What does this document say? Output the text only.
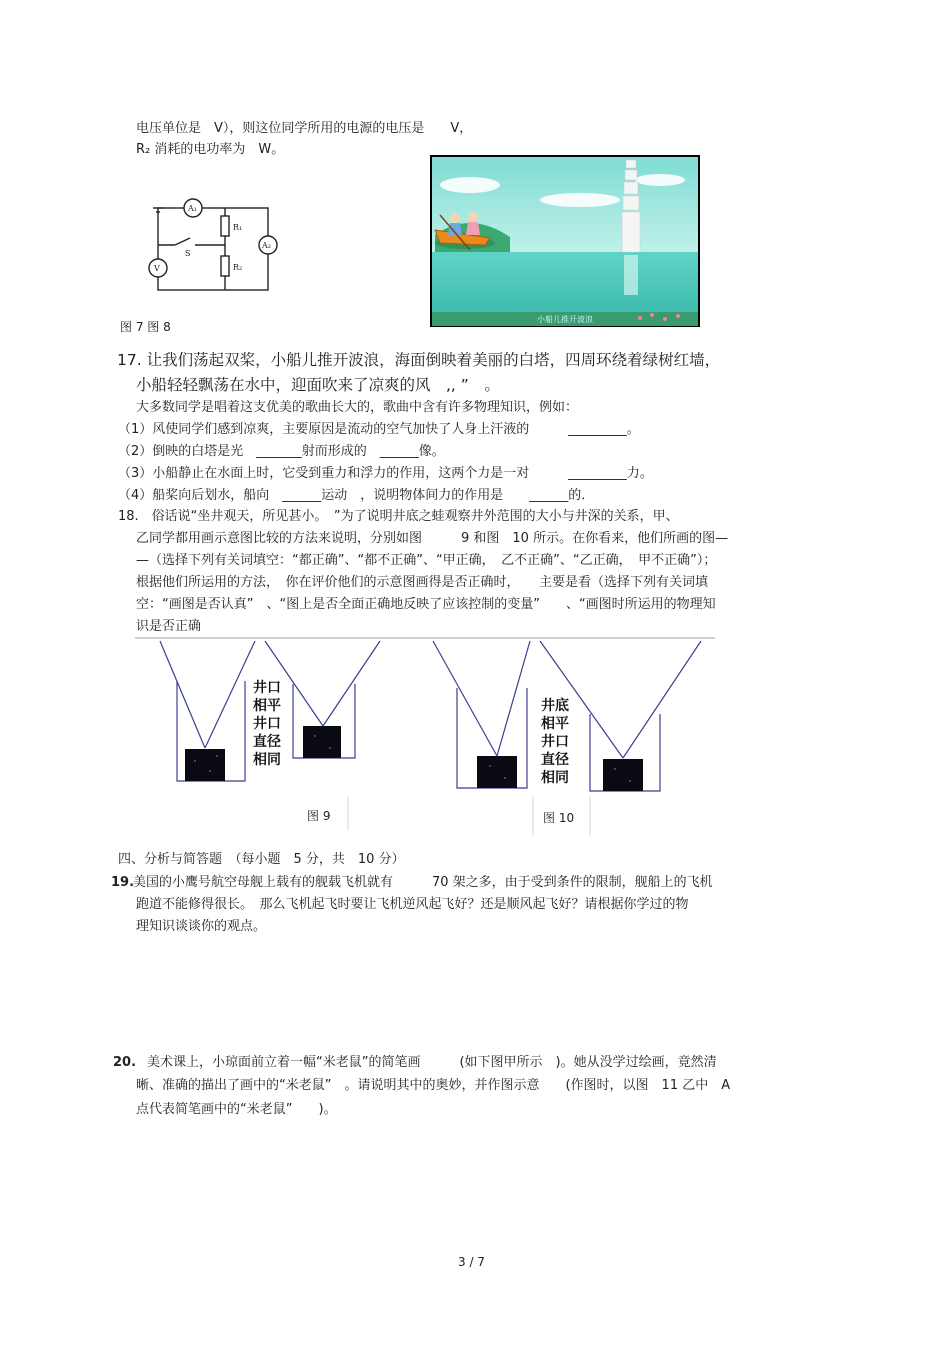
电压单位是　V），则这位同学所用的电源的电压是　　V，
R₂ 消耗的电功率为　W。
A₁
R₁
A₂
V
S
R₂
图 7 图 8
小船儿推开波浪
17. 让我们荡起双桨，小船儿推开波浪，海面倒映着美丽的白塔，四周环绕着绿树红墙，
小船轻轻飘荡在水中，迎面吹来了凉爽的风　,, ”　。
大多数同学是唱着这支优美的歌曲长大的，歌曲中含有许多物理知识，例如：
（1）风使同学们感到凉爽，主要原因是流动的空气加快了人身上汗液的　　　_________。
（2）倒映的白塔是光　_______射而形成的　______像。
（3）小船静止在水面上时，它受到重力和浮力的作用，这两个力是一对　　　_________力。
（4）船桨向后划水，船向　______运动　，说明物体间力的作用是　　______的．
18.　俗话说“坐井观天，所见甚小。　”为了说明井底之蛙观察井外范围的大小与井深的关系，甲、
乙同学都用画示意图比较的方法来说明，分别如图　　　9 和图　10 所示。在你看来，他们所画的图—
—（选择下列有关词填空：“都正确”、“都不正确”、“甲正确，　乙不正确”、“乙正确，　甲不正确”）；
根据他们所运用的方法，　你在评价他们的示意图画得是否正确时，　　主要是看（选择下列有关词填
空：“画图是否认真”　、“图上是否全面正确地反映了应该控制的变量”　　、“画图时所运用的物理知
识是否正确
井口
相平
井口
直径
相同
井底
相平
井口
直径
相同
图 9	图 10
四、分析与简答题　（每小题　5 分，共　10 分）
19.
美国的小鹰号航空母舰上载有的舰载飞机就有　　　70 架之多，由于受到条件的限制，舰船上的飞机
跑道不能修得很长。　那么飞机起飞时要让飞机逆风起飞好？还是顺风起飞好？请根据你学过的物
理知识谈谈你的观点。
20. 美术课上，小琼面前立着一幅“米老鼠”的简笔画　　　(如下图甲所示　)。她从没学过绘画，竟然清
晰、准确的描出了画中的“米老鼠”　。请说明其中的奥妙，并作图示意　　(作图时，以图　11 乙中　A
点代表简笔画中的“米老鼠”　　)。
3 / 7
